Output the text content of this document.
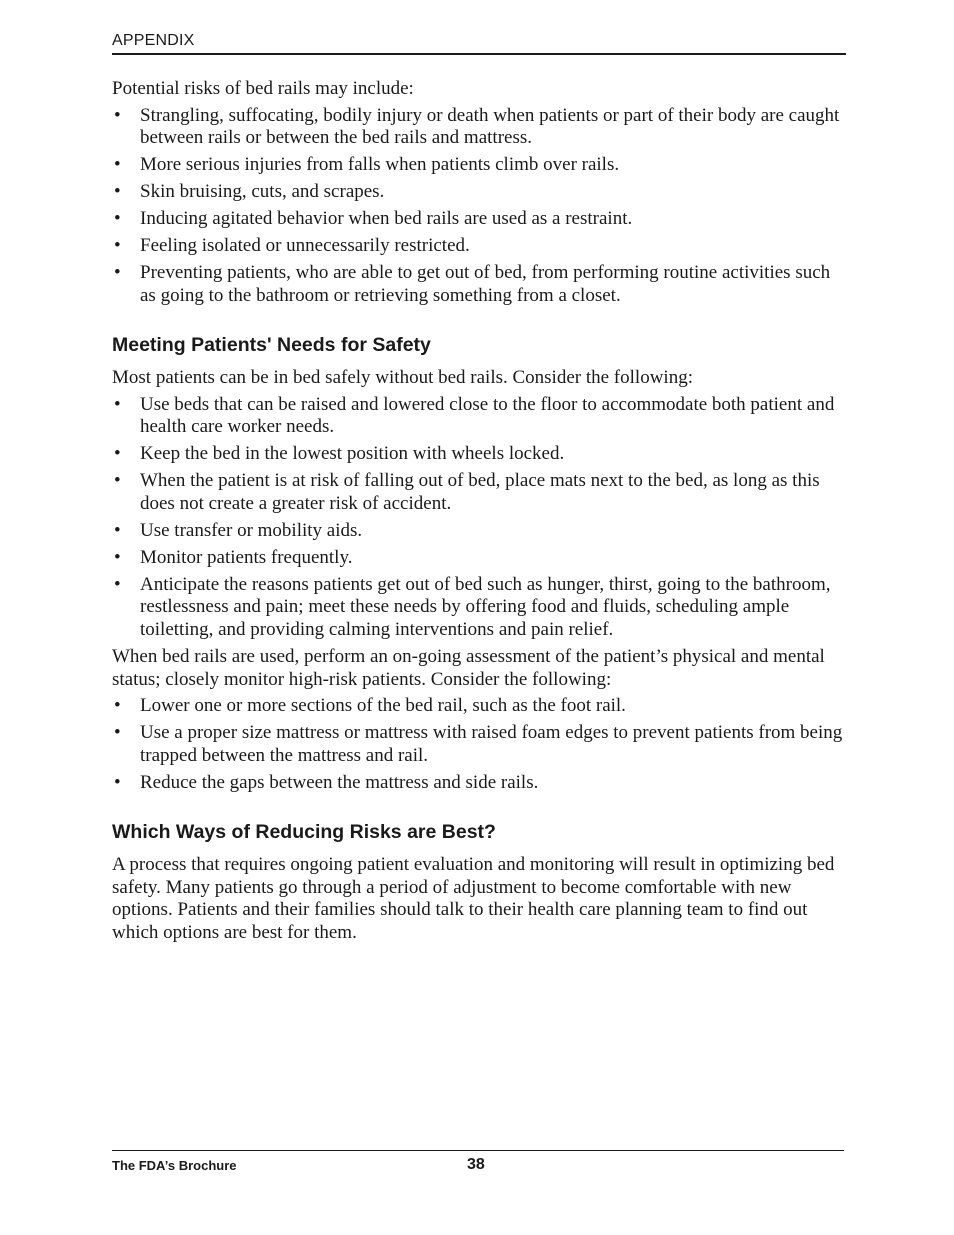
APPENDIX

Potential risks of bed rails may include:

• Strangling, suffocating, bodily injury or death when patients or part of their body are caught between rails or between the bed rails and mattress.
• More serious injuries from falls when patients climb over rails.
• Skin bruising, cuts, and scrapes.
• Inducing agitated behavior when bed rails are used as a restraint.
• Feeling isolated or unnecessarily restricted.
• Preventing patients, who are able to get out of bed, from performing routine activities such as going to the bathroom or retrieving something from a closet.
Meeting Patients' Needs for Safety

Most patients can be in bed safely without bed rails. Consider the following:

• Use beds that can be raised and lowered close to the floor to accommodate both patient and health care worker needs.
• Keep the bed in the lowest position with wheels locked.
• When the patient is at risk of falling out of bed, place mats next to the bed, as long as this does not create a greater risk of accident.
• Use transfer or mobility aids.
• Monitor patients frequently.
• Anticipate the reasons patients get out of bed such as hunger, thirst, going to the bathroom, restlessness and pain; meet these needs by offering food and fluids, scheduling ample toiletting, and providing calming interventions and pain relief.

When bed rails are used, perform an on-going assessment of the patient’s physical and mental status; closely monitor high-risk patients. Consider the following:

• Lower one or more sections of the bed rail, such as the foot rail.
• Use a proper size mattress or mattress with raised foam edges to prevent patients from being trapped between the mattress and rail.
• Reduce the gaps between the mattress and side rails.
Which Ways of Reducing Risks are Best?

A process that requires ongoing patient evaluation and monitoring will result in optimizing bed safety. Many patients go through a period of adjustment to become comfortable with new options. Patients and their families should talk to their health care planning team to find out which options are best for them.

The FDA’s Brochure	38
